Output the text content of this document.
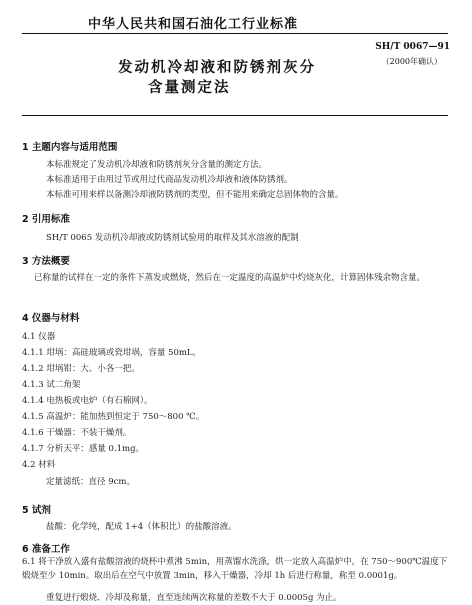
中华人民共和国石油化工行业标准
发动机冷却液和防锈剂灰分
含量测定法
SH/T 0067—91
（2000年确认）
1 主题内容与适用范围
本标准规定了发动机冷却液和防锈剂灰分含量的测定方法。
本标准适用于由用过节或用过代商品发动机冷却液和液体防锈剂。
本标准可用来样以备测冷却液防锈剂的类型，但不能用来确定总固体物的含量。
2 引用标准
SH/T 0065 发动机冷却液或防锈剂试验用的取样及其水溶液的配制
3 方法概要
已称量的试样在一定的条件下蒸发或燃烧，然后在一定温度的高温炉中灼烧灰化，计算固体残余物含量。
4 仪器与材料
4.1 仪器
4.1.1 坩埚：高硅玻璃或瓷坩埚，容量 50mL。
4.1.2 坩埚钳：大、小各一把。
4.1.3 试二角架
4.1.4 电热板或电炉（有石棉网）。
4.1.5 高温炉：能加热到恒定于 750～800 ℃。
4.1.6 干燥器：不装干燥剂。
4.1.7 分析天平：感量 0.1mg。
4.2 材料
定量滤纸：直径 9cm。
5 试剂
盐酸：化学纯，配成 1+4（体积比）的盐酸溶液。
6 准备工作
6.1 将干净放入盛有盐酸溶液的烧杯中煮沸 5min，用蒸馏水洗涤，烘一定放入高温炉中，在 750～900℃温度下煅烧至少 10min。取出后在空气中放置 3min，移入干燥器，冷却 1h 后进行称量，称至 0.0001g。
重复进行煅烧、冷却及称量，直至连续两次称量的差数不大于 0.0005g 为止。
